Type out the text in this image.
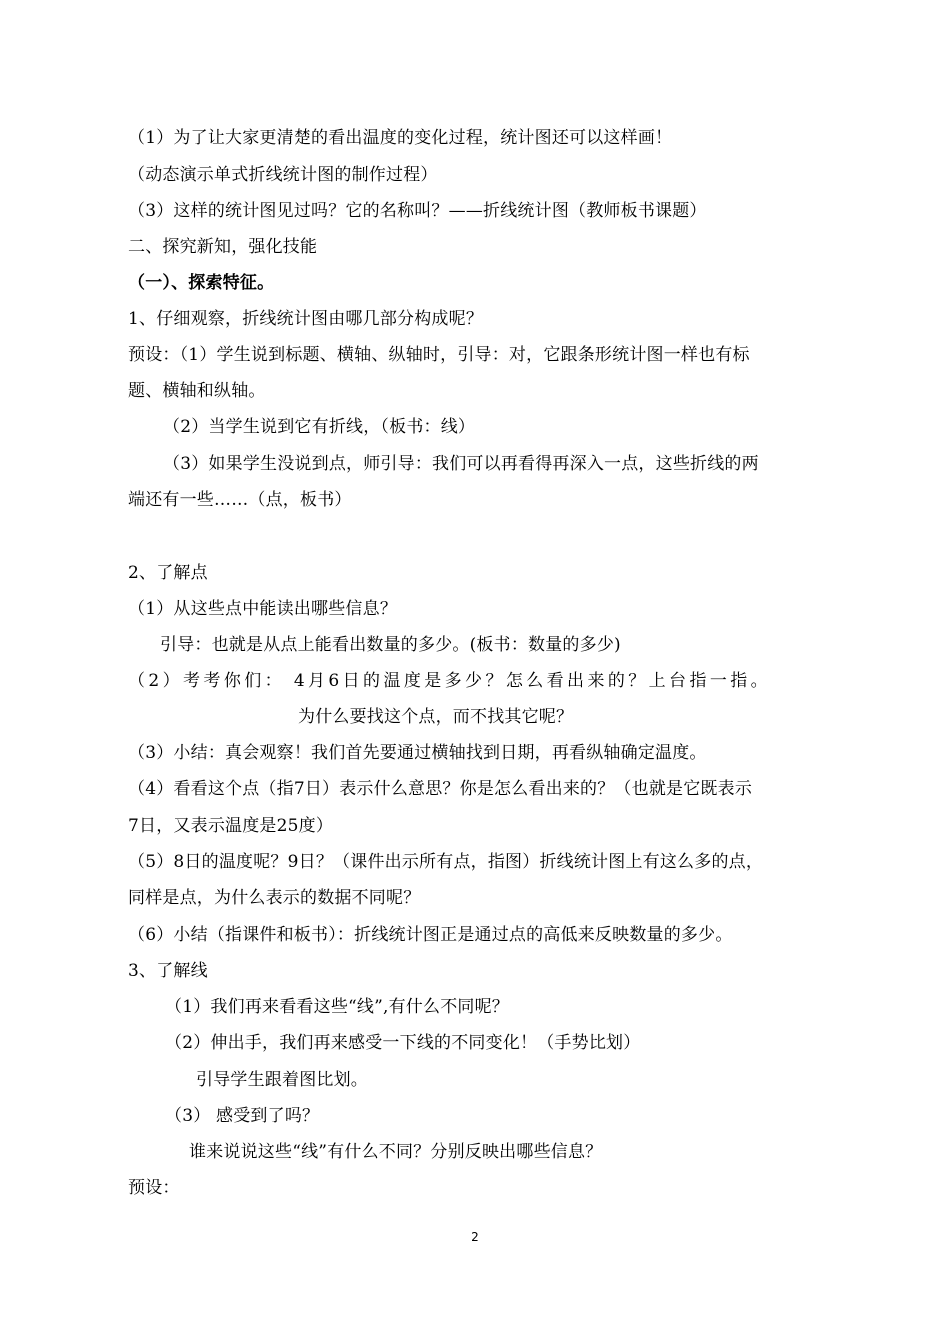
（1）为了让大家更清楚的看出温度的变化过程，统计图还可以这样画！
（动态演示单式折线统计图的制作过程）
（3）这样的统计图见过吗？它的名称叫？——折线统计图（教师板书课题）
二、探究新知，强化技能
（一）、探索特征。
1、仔细观察，折线统计图由哪几部分构成呢？
预设：（1）学生说到标题、横轴、纵轴时，引导：对，它跟条形统计图一样也有标
题、横轴和纵轴。
（2）当学生说到它有折线，（板书：线）
（3）如果学生没说到点，师引导：我们可以再看得再深入一点，这些折线的两
端还有一些……（点，板书）
2、了解点
（1）从这些点中能读出哪些信息？
引导：也就是从点上能看出数量的多少。(板书：数量的多少)
（2）考考你们： 4月6日的温度是多少？怎么看出来的？上台指一指。
为什么要找这个点，而不找其它呢？
（3）小结：真会观察！我们首先要通过横轴找到日期，再看纵轴确定温度。
（4）看看这个点（指7日）表示什么意思？你是怎么看出来的？（也就是它既表示
7日，又表示温度是25度）
（5）8日的温度呢？9日？（课件出示所有点，指图）折线统计图上有这么多的点，
同样是点，为什么表示的数据不同呢？
（6）小结（指课件和板书）：折线统计图正是通过点的高低来反映数量的多少。
3、了解线
（1）我们再来看看这些“线”,有什么不同呢？
（2）伸出手，我们再来感受一下线的不同变化！（手势比划）
引导学生跟着图比划。
（3） 感受到了吗？
谁来说说这些“线”有什么不同？分别反映出哪些信息？
预设：
2
